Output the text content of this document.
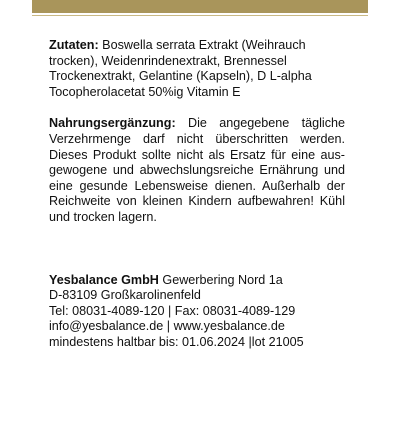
Zutaten: Boswella serrata Extrakt (Weihrauch trocken), Weidenrindenextrakt, Brennessel Trockenextrakt, Gelantine (Kapseln), D L-alpha Tocopherolacetat 50%ig Vitamin E

Nahrungsergänzung: Die angegebene tägliche Verzehrmenge darf nicht überschritten werden. Dieses Produkt sollte nicht als Ersatz für eine aus-gewogene und abwechslungsreiche Ernährung und eine gesunde Lebensweise dienen. Außerhalb der Reichweite von kleinen Kindern aufbewahren! Kühl und trocken lagern.

Yesbalance GmbH Gewerbering Nord 1a

D-83109 Großkarolinenfeld

Tel: 08031-4089-120 | Fax: 08031-4089-129

info@yesbalance.de | www.yesbalance.de

mindestens haltbar bis: 01.06.2024 |lot 21005
